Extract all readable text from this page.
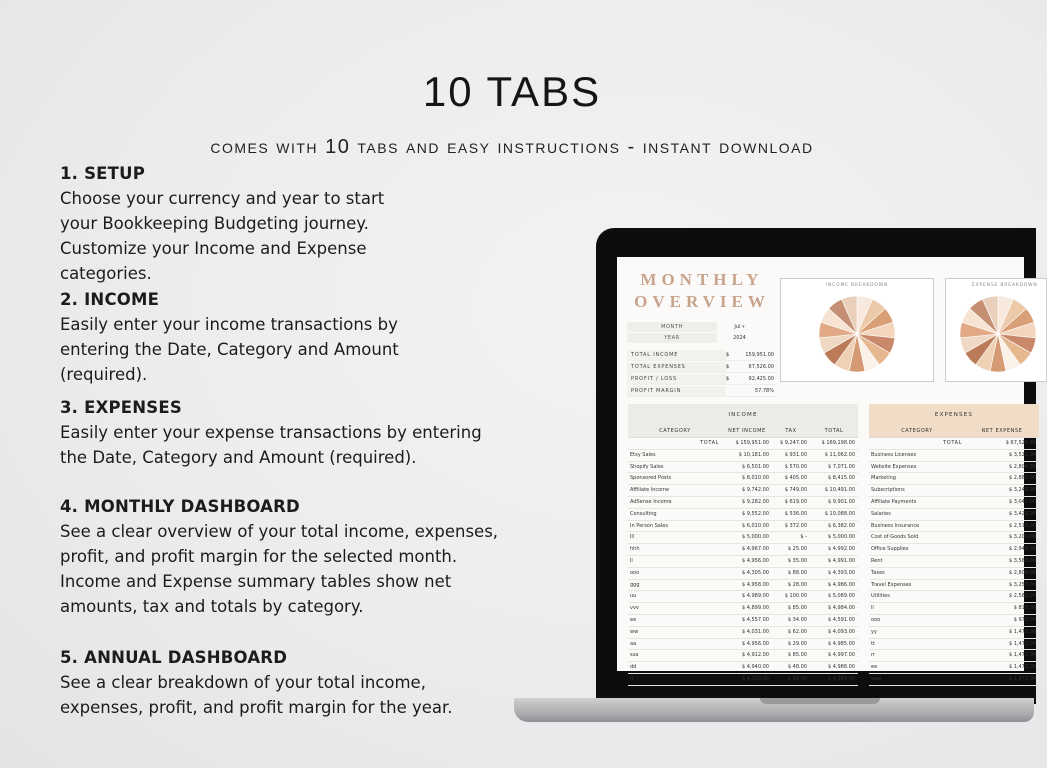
10 TABS
comes with 10 tabs and easy instructions - instant download
1. SETUP

Choose your currency and year to start your Bookkeeping Budgeting journey. Customize your Income and Expense categories.

2. INCOME

Easily enter your income transactions by entering the Date, Category and Amount (required).

3. EXPENSES

Easily enter your expense transactions by entering the Date, Category and Amount (required).

4. MONTHLY DASHBOARD

See a clear overview of your total income, expenses, profit, and profit margin for the selected month. Income and Expense summary tables show net amounts, tax and totals by category.

5. ANNUAL DASHBOARD

See a clear breakdown of your total income, expenses, profit, and profit margin for the year.

MONTHLY
OVERVIEW
MONTH	Jul ▾
YEAR	2024
TOTAL INCOME	$	159,951.00
TOTAL EXPENSES	$	67,526.00
PROFIT / LOSS	$	92,425.00
PROFIT MARGIN	57.78%
INCOME BREAKDOWN	EXPENSE BREAKDOWN
INCOME
CATEGORY	NET INCOME	TAX	TOTAL
TOTAL	$ 159,951.00	$ 9,247.00	$ 169,198.00
Etsy Sales	$ 10,181.00	$ 931.00	$ 11,062.00
Shopify Sales	$ 6,501.00	$ 570.00	$ 7,071.00
Sponsored Posts	$ 8,010.00	$ 405.00	$ 8,415.00
Affiliate Income	$ 9,742.00	$ 749.00	$ 10,491.00
AdSense Income	$ 9,282.00	$ 619.00	$ 9,901.00
Consulting	$ 9,552.00	$ 536.00	$ 10,088.00
In Person Sales	$ 6,010.00	$ 372.00	$ 6,382.00
lll	$ 5,000.00	$ -	$ 5,000.00
hhh	$ 4,967.00	$ 25.00	$ 4,992.00
ll	$ 4,956.00	$ 35.00	$ 4,991.00
ooo	$ 4,305.00	$ 88.00	$ 4,393.00
ggg	$ 4,958.00	$ 28.00	$ 4,986.00
uu	$ 4,989.00	$ 100.00	$ 5,089.00
vvv	$ 4,899.00	$ 85.00	$ 4,984.00
ee	$ 4,557.00	$ 34.00	$ 4,591.00
ww	$ 4,031.00	$ 62.00	$ 4,093.00
aa	$ 4,956.00	$ 29.00	$ 4,985.00
ssa	$ 4,912.00	$ 85.00	$ 4,997.00
dd	$ 4,940.00	$ 48.00	$ 4,988.00
ff	$ 4,320.00	$ 65.00	$ 4,385.00
EXPENSES
CATEGORY	NET EXPENSE
TOTAL	$ 67,526.00
Business Licenses	$ 3,521.00
Website Expenses	$ 2,804.00
Marketing	$ 2,887.00
Subscriptions	$ 3,246.00
Affiliate Payments	$ 3,041.00
Salaries	$ 3,421.00
Business Insurance	$ 2,519.00
Cost of Goods Sold	$ 3,206.00
Office Supplies	$ 2,946.00
Rent	$ 3,568.00
Taxes	$ 2,809.00
Travel Expenses	$ 3,257.00
Utilities	$ 2,582.00
ll	$ 815.00
ooo	$ 973.00
yy	$ 1,472.00
tt	$ 1,472.00
rr	$ 1,473.00
ee	$ 1,472.00
wea	$ 1,473.00
